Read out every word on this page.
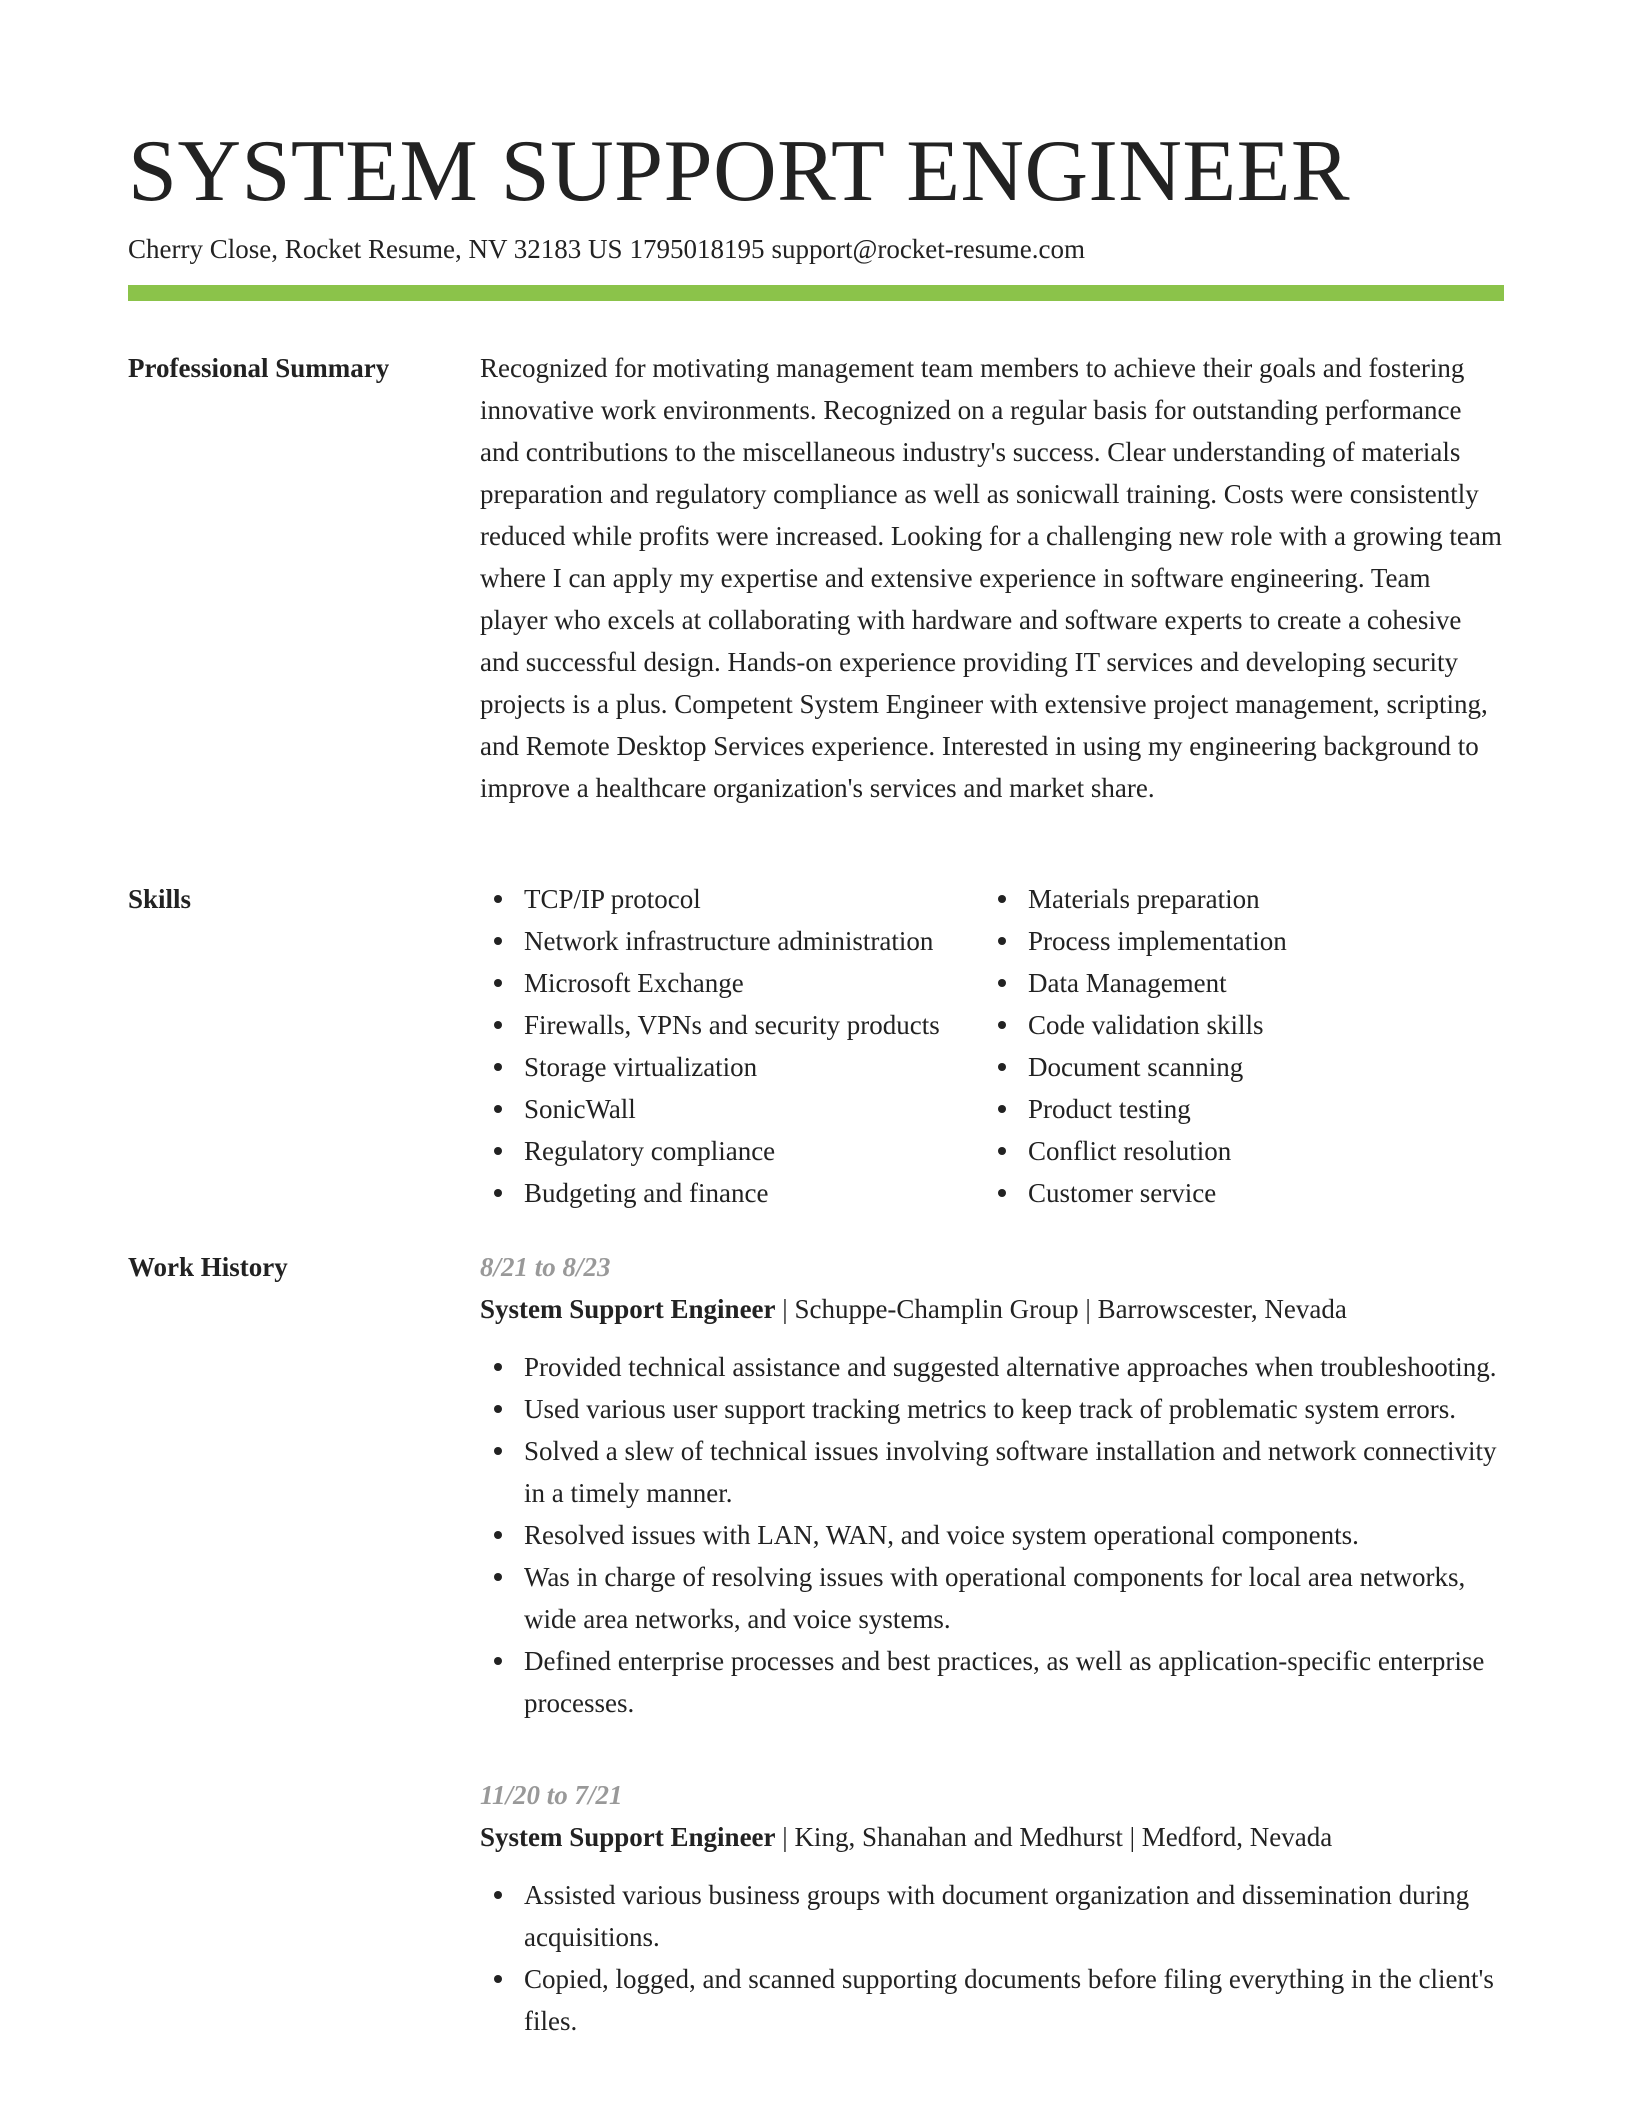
SYSTEM SUPPORT ENGINEER
Cherry Close, Rocket Resume, NV 32183 US 1795018195 support@rocket-resume.com
Professional Summary	Recognized for motivating management team members to achieve their goals and fostering innovative work environments. Recognized on a regular basis for outstanding performance and contributions to the miscellaneous industry's success. Clear understanding of materials preparation and regulatory compliance as well as sonicwall training. Costs were consistently reduced while profits were increased. Looking for a challenging new role with a growing team where I can apply my expertise and extensive experience in software engineering. Team player who excels at collaborating with hardware and software experts to create a cohesive and successful design. Hands-on experience providing IT services and developing security projects is a plus. Competent System Engineer with extensive project management, scripting, and Remote Desktop Services experience. Interested in using my engineering background to improve a healthcare organization's services and market share.

Skills	TCP/IP protocol
Network infrastructure administration
Microsoft Exchange
Firewalls, VPNs and security products
Storage virtualization
SonicWall
Regulatory compliance
Budgeting and finance
Materials preparation
Process implementation
Data Management
Code validation skills
Document scanning
Product testing
Conflict resolution
Customer service
Work History	8/21 to 8/23
System Support Engineer | Schuppe-Champlin Group | Barrowscester, Nevada
Provided technical assistance and suggested alternative approaches when troubleshooting.
Used various user support tracking metrics to keep track of problematic system errors.
Solved a slew of technical issues involving software installation and network connectivity in a timely manner.
Resolved issues with LAN, WAN, and voice system operational components.
Was in charge of resolving issues with operational components for local area networks, wide area networks, and voice systems.
Defined enterprise processes and best practices, as well as application-specific enterprise processes.
11/20 to 7/21
System Support Engineer | King, Shanahan and Medhurst | Medford, Nevada
Assisted various business groups with document organization and dissemination during acquisitions.
Copied, logged, and scanned supporting documents before filing everything in the client's files.
